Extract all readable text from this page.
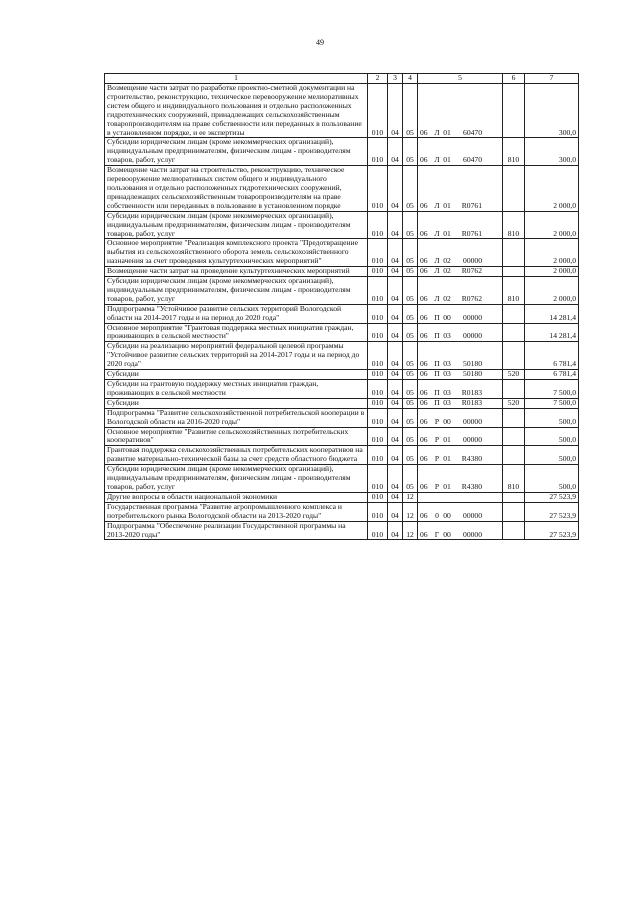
49
1	2	3	4	5	6	7
Возмещение части затрат по разработке проектно-сметной документации на строительство, реконструкцию, техническое перевооружение мелиоративных систем общего и индивидуального пользования и отдельно расположенных гидротехнических сооружений, принадлежащих сельскохозяйственным товаропроизводителям на праве собственности или переданных в пользование в установленном порядке, и ее экспертизы	010	04	05	06 Л 01 60470		300,0
Субсидии юридическим лицам (кроме некоммерческих организаций), индивидуальным предпринимателям, физическим лицам - производителям товаров, работ, услуг	010	04	05	06 Л 01 60470	810	300,0
Возмещение части затрат на строительство, реконструкцию, техническое перевооружение мелиоративных систем общего и индивидуального пользования и отдельно расположенных гидротехнических сооружений, принадлежащих сельскохозяйственным товаропроизводителям на праве собственности или переданных в пользование в установленном порядке	010	04	05	06 Л 01 R0761		2 000,0
Субсидии юридическим лицам (кроме некоммерческих организаций), индивидуальным предпринимателям, физическим лицам - производителям товаров, работ, услуг	010	04	05	06 Л 01 R0761	810	2 000,0
Основное мероприятие "Реализация комплексного проекта "Предотвращение выбытия из сельскохозяйственного оборота земель сельскохозяйственного назначения за счет проведения культуртехнических мероприятий"	010	04	05	06 Л 02 00000		2 000,0
Возмещение части затрат на проведение культуртехнических мероприятий	010	04	05	06 Л 02 R0762		2 000,0
Субсидии юридическим лицам (кроме некоммерческих организаций), индивидуальным предпринимателям, физическим лицам - производителям товаров, работ, услуг	010	04	05	06 Л 02 R0762	810	2 000,0
Подпрограмма "Устойчивое развитие сельских территорий Вологодской области на 2014-2017 годы и на период до 2020 года"	010	04	05	06 П 00 00000		14 281,4
Основное мероприятие "Грантовая поддержка местных инициатив граждан, проживающих в сельской местности"	010	04	05	06 П 03 00000		14 281,4
Субсидии на реализацию мероприятий федеральной целевой программы "Устойчивое развитие сельских территорий на 2014-2017 годы и на период до 2020 года"	010	04	05	06 П 03 50180		6 781,4
Субсидии	010	04	05	06 П 03 50180	520	6 781,4
Субсидии на грантовую поддержку местных инициатив граждан, проживающих в сельской местности	010	04	05	06 П 03 R0183		7 500,0
Субсидии	010	04	05	06 П 03 R0183	520	7 500,0
Подпрограмма "Развитие сельскохозяйственной потребительской кооперации в Вологодской области на 2016-2020 годы"	010	04	05	06 Р 00 00000		500,0
Основное мероприятие "Развитие сельскохозяйственных потребительских кооперативов"	010	04	05	06 Р 01 00000		500,0
Грантовая поддержка сельскохозяйственных потребительских кооперативов на развитие материально-технической базы за счет средств областного бюджета	010	04	05	06 Р 01 R4380		500,0
Субсидии юридическим лицам (кроме некоммерческих организаций), индивидуальным предпринимателям, физическим лицам - производителям товаров, работ, услуг	010	04	05	06 Р 01 R4380	810	500,0
Другие вопросы в области национальной экономики	010	04	12			27 523,9
Государственная программа "Развитие агропромышленного комплекса и потребительского рынка Вологодской области на 2013-2020 годы"	010	04	12	06 0 00 00000		27 523,9
Подпрограмма "Обеспечение реализации Государственной программы на 2013-2020 годы"	010	04	12	06 Г 00 00000		27 523,9
